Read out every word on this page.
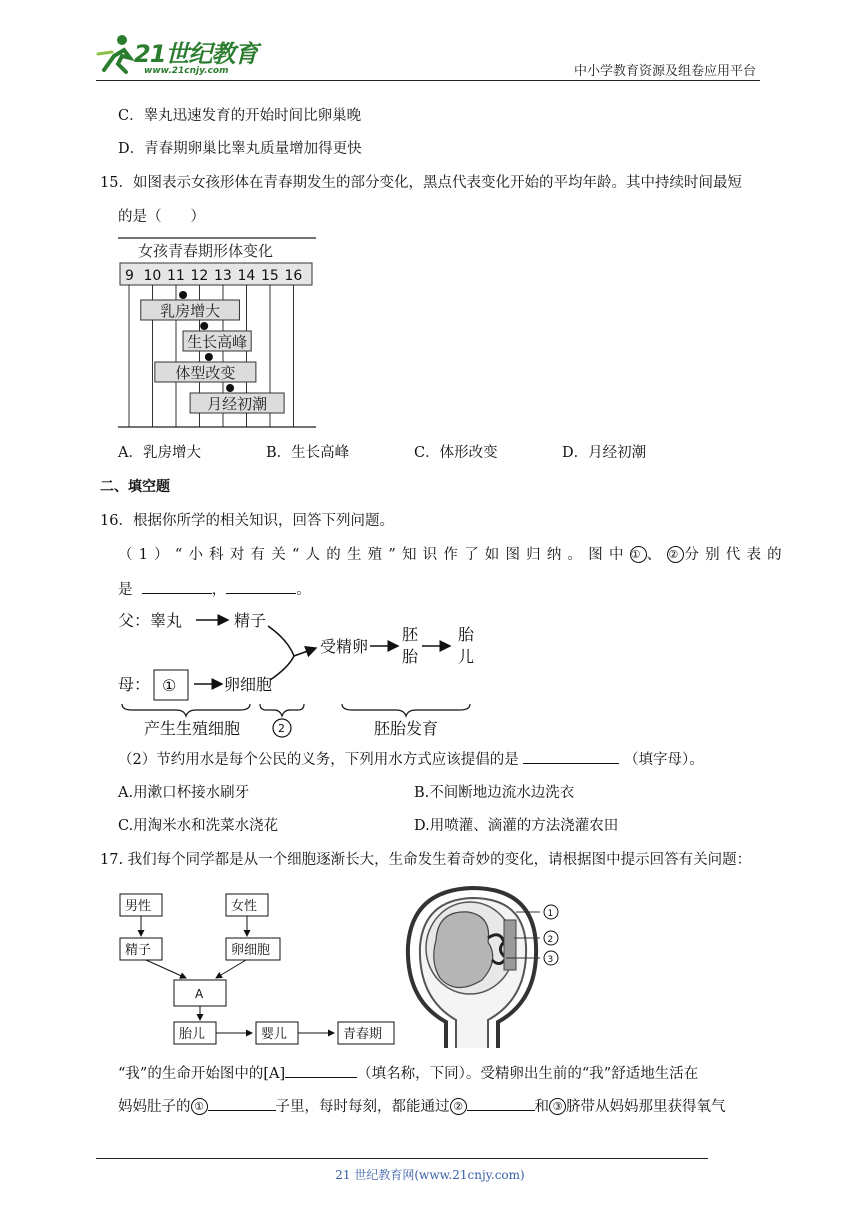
21世纪教育
www.21cnjy.com	中小学教育资源及组卷应用平台
C．睾丸迅速发育的开始时间比卵巢晚
D．青春期卵巢比睾丸质量增加得更快
15．如图表示女孩形体在青春期发生的部分变化，黑点代表变化开始的平均年龄。其中持续时间最短
的是（　　）
女孩青春期形体变化
9 10 11 12 13 14 15 16
乳房增大
生长高峰
体型改变
月经初潮
A．乳房增大	B．生长高峰	C．体形改变	D．月经初潮
二、填空题
16．根据你所学的相关知识，回答下列问题。
（1）“小科对有关“人的生殖”知识作了如图归纳。图中①、②分别代表的
是	，	。
父：睾丸	精子
母： ①	卵细胞
受精卵
胚
胎
胎
儿
产生生殖细胞	2	胚胎发育
（2）节约用水是每个公民的义务，下列用水方式应该提倡的是	（填字母）。
A.用漱口杯接水刷牙	B.不间断地边流水边洗衣
C.用淘米水和洗菜水浇花	D.用喷灌、滴灌的方法浇灌农田
17. 我们每个同学都是从一个细胞逐渐长大，生命发生着奇妙的变化，请根据图中提示回答有关问题：
男性	女性
精子	卵细胞
A
胎儿	婴儿	青春期
1
2
3
“我”的生命开始图中的[A]	（填名称，下同）。受精卵出生前的“我”舒适地生活在
妈妈肚子的 ①	子里，每时每刻，都能通过 ②	和 ③ 脐带从妈妈那里获得氧气
21 世纪教育网(www.21cnjy.com)
